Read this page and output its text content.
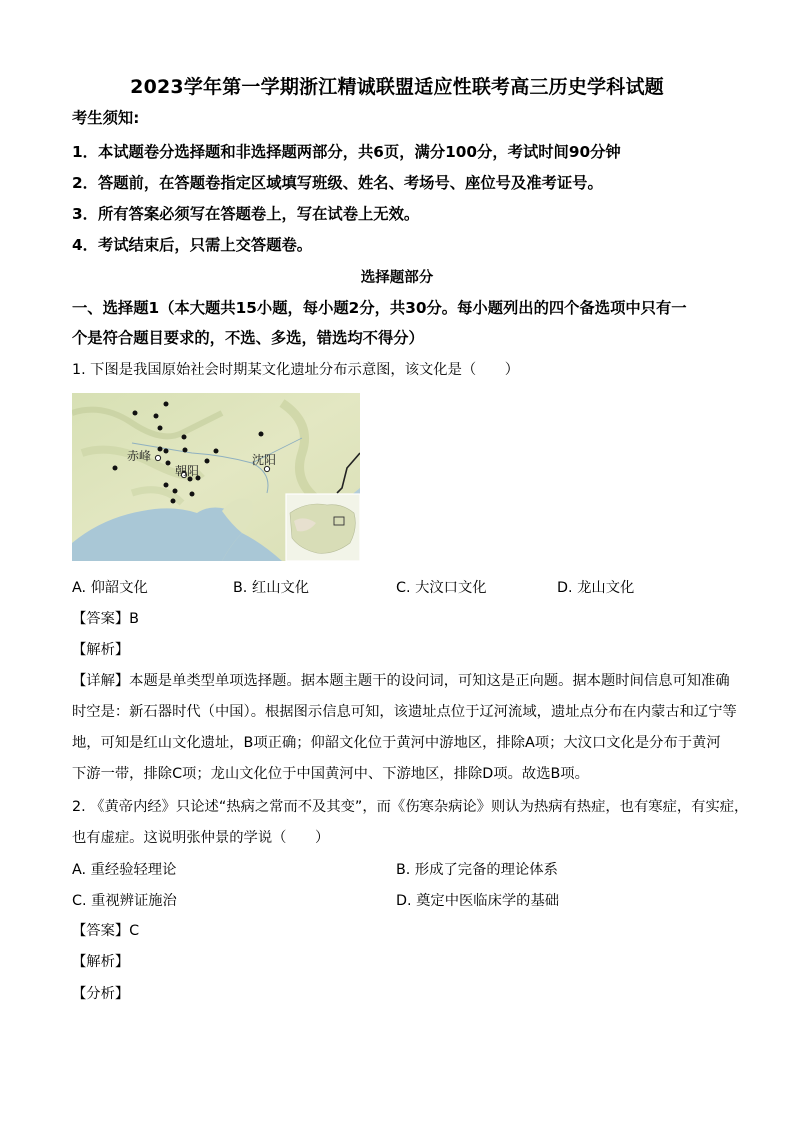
2023学年第一学期浙江精诚联盟适应性联考高三历史学科试题
考生须知:
1．本试题卷分选择题和非选择题两部分，共6页，满分100分，考试时间90分钟
2．答题前，在答题卷指定区域填写班级、姓名、考场号、座位号及准考证号。
3．所有答案必须写在答题卷上，写在试卷上无效。
4．考试结束后，只需上交答题卷。
选择题部分
一、选择题1（本大题共15小题，每小题2分，共30分。每小题列出的四个备选项中只有一
个是符合题目要求的，不选、多选，错选均不得分）
1. 下图是我国原始社会时期某文化遗址分布示意图，该文化是（　　）
赤峰
朝阳
沈阳
A. 仰韶文化	B. 红山文化	C. 大汶口文化	D. 龙山文化
【答案】B
【解析】
【详解】本题是单类型单项选择题。据本题主题干的设问词，可知这是正向题。据本题时间信息可知准确
时空是：新石器时代（中国）。根据图示信息可知，该遗址点位于辽河流域，遗址点分布在内蒙古和辽宁等
地，可知是红山文化遗址，B项正确；仰韶文化位于黄河中游地区，排除A项；大汶口文化是分布于黄河
下游一带，排除C项；龙山文化位于中国黄河中、下游地区，排除D项。故选B项。
2. 《黄帝内经》只论述“热病之常而不及其变”，而《伤寒杂病论》则认为热病有热症，也有寒症，有实症，
也有虚症。这说明张仲景的学说（　　）
A. 重经验轻理论	B. 形成了完备的理论体系
C. 重视辨证施治	D. 奠定中医临床学的基础
【答案】C
【解析】
【分析】
